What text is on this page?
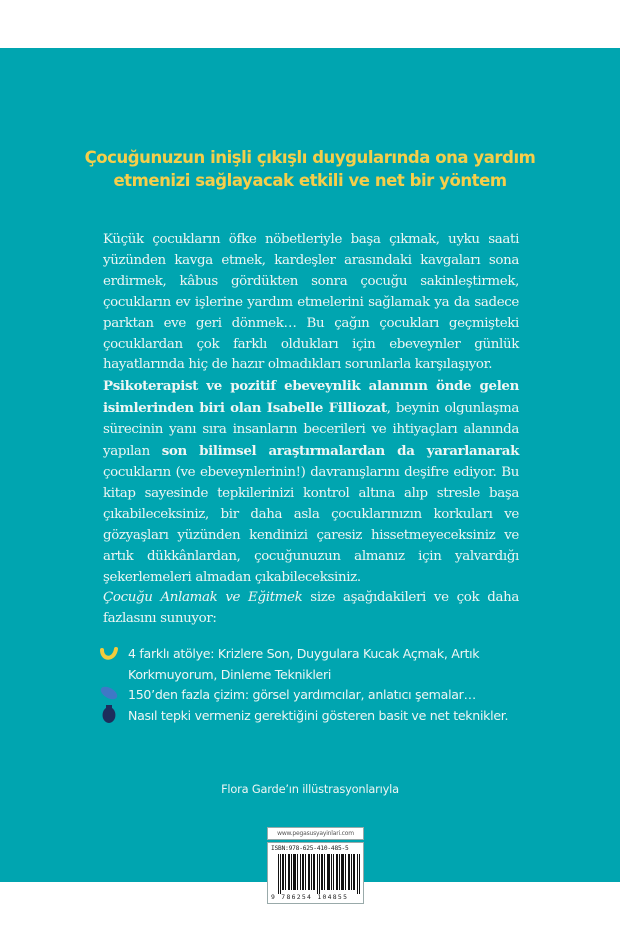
Çocuğunuzun inişli çıkışlı duygularında ona yardım
etmenizi sağlayacak etkili ve net bir yöntem

Küçük çocukların öfke nöbetleriyle başa çıkmak, uyku saati yüzünden kavga etmek, kardeşler arasındaki kavgaları sona erdirmek, kâbus gördükten sonra çocuğu sakinleştirmek, çocukların ev işlerine yardım etmelerini sağlamak ya da sadece parktan eve geri dönmek… Bu çağın çocukları geçmişteki çocuklardan çok farklı oldukları için ebeveynler günlük hayatlarında hiç de hazır olmadıkları sorunlarla karşılaşıyor.

Psikoterapist ve pozitif ebeveynlik alanının önde gelen isimlerinden biri olan Isabelle Filliozat, beynin olgunlaşma sürecinin yanı sıra insanların becerileri ve ihtiyaçları alanında yapılan son bilimsel araştırmalardan da yararlanarak çocukların (ve ebeveynlerinin!) davranışlarını deşifre ediyor. Bu kitap sayesinde tepkilerinizi kontrol altına alıp stresle başa çıkabileceksiniz, bir daha asla çocuklarınızın korkuları ve gözyaşları yüzünden kendinizi çaresiz hissetmeyeceksiniz ve artık dükkânlardan, çocuğunuzun almanız için yalvardığı şekerlemeleri almadan çıkabileceksiniz.

Çocuğu Anlamak ve Eğitmek size aşağıdakileri ve çok daha fazlasını sunuyor:

4 farklı atölye: Krizlere Son, Duygulara Kucak Açmak, Artık Korkmuyorum, Dinleme Teknikleri
150’den fazla çizim: görsel yardımcılar, anlatıcı şemalar…
Nasıl tepki vermeniz gerektiğini gösteren basit ve net teknikler.
Flora Garde’ın illüstrasyonlarıyla
www.pegasusyayinlari.com
ISBN:978-625-410-485-5
9 786254 104855
